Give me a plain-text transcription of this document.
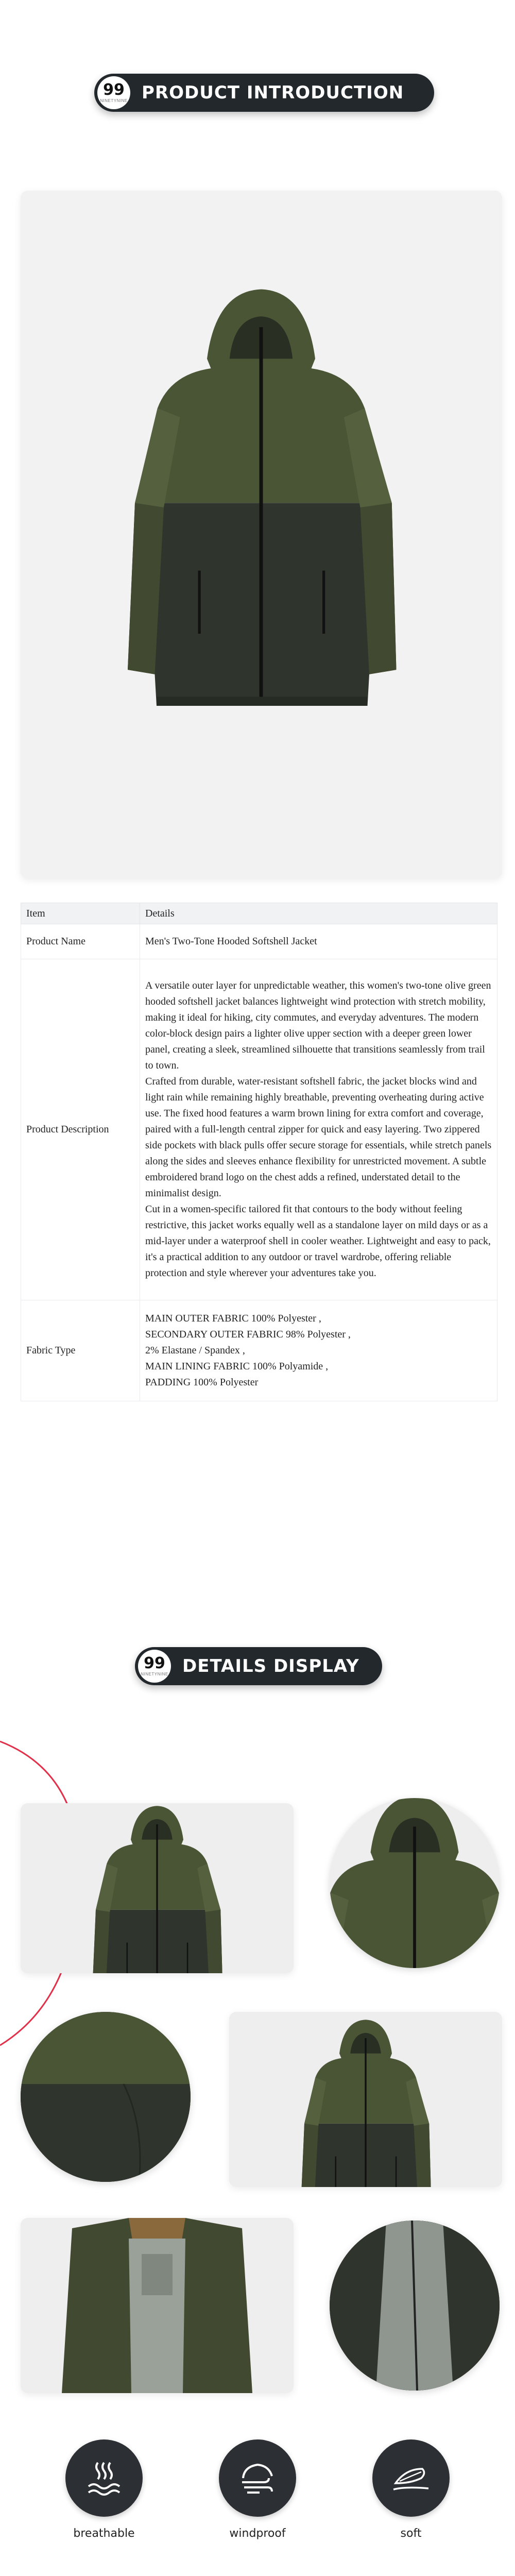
99
NINETYNINE PRODUCT INTRODUCTION
Item	Details
Product Name	Men's Two-Tone Hooded Softshell Jacket
Product Description	A versatile outer layer for unpredictable weather, this women's two-tone olive green hooded softshell jacket balances lightweight wind protection with stretch mobility, making it ideal for hiking, city commutes, and everyday adventures. The modern color-block design pairs a lighter olive upper section with a deeper green lower panel, creating a sleek, streamlined silhouette that transitions seamlessly from trail to town.

Crafted from durable, water-resistant softshell fabric, the jacket blocks wind and light rain while remaining highly breathable, preventing overheating during active use. The fixed hood features a warm brown lining for extra comfort and coverage, paired with a full-length central zipper for quick and easy layering. Two zippered side pockets with black pulls offer secure storage for essentials, while stretch panels along the sides and sleeves enhance flexibility for unrestricted movement. A subtle embroidered brand logo on the chest adds a refined, understated detail to the minimalist design.

Cut in a women-specific tailored fit that contours to the body without feeling restrictive, this jacket works equally well as a standalone layer on mild days or as a mid-layer under a waterproof shell in cooler weather. Lightweight and easy to pack, it's a practical addition to any outdoor or travel wardrobe, offering reliable protection and style wherever your adventures take you.

Fabric Type	MAIN OUTER FABRIC 100% Polyester ,
SECONDARY OUTER FABRIC 98% Polyester ,
2% Elastane / Spandex ,
MAIN LINING FABRIC 100% Polyamide ,
PADDING 100% Polyester
99
NINETYNINE DETAILS DISPLAY
breathable	windproof	soft
